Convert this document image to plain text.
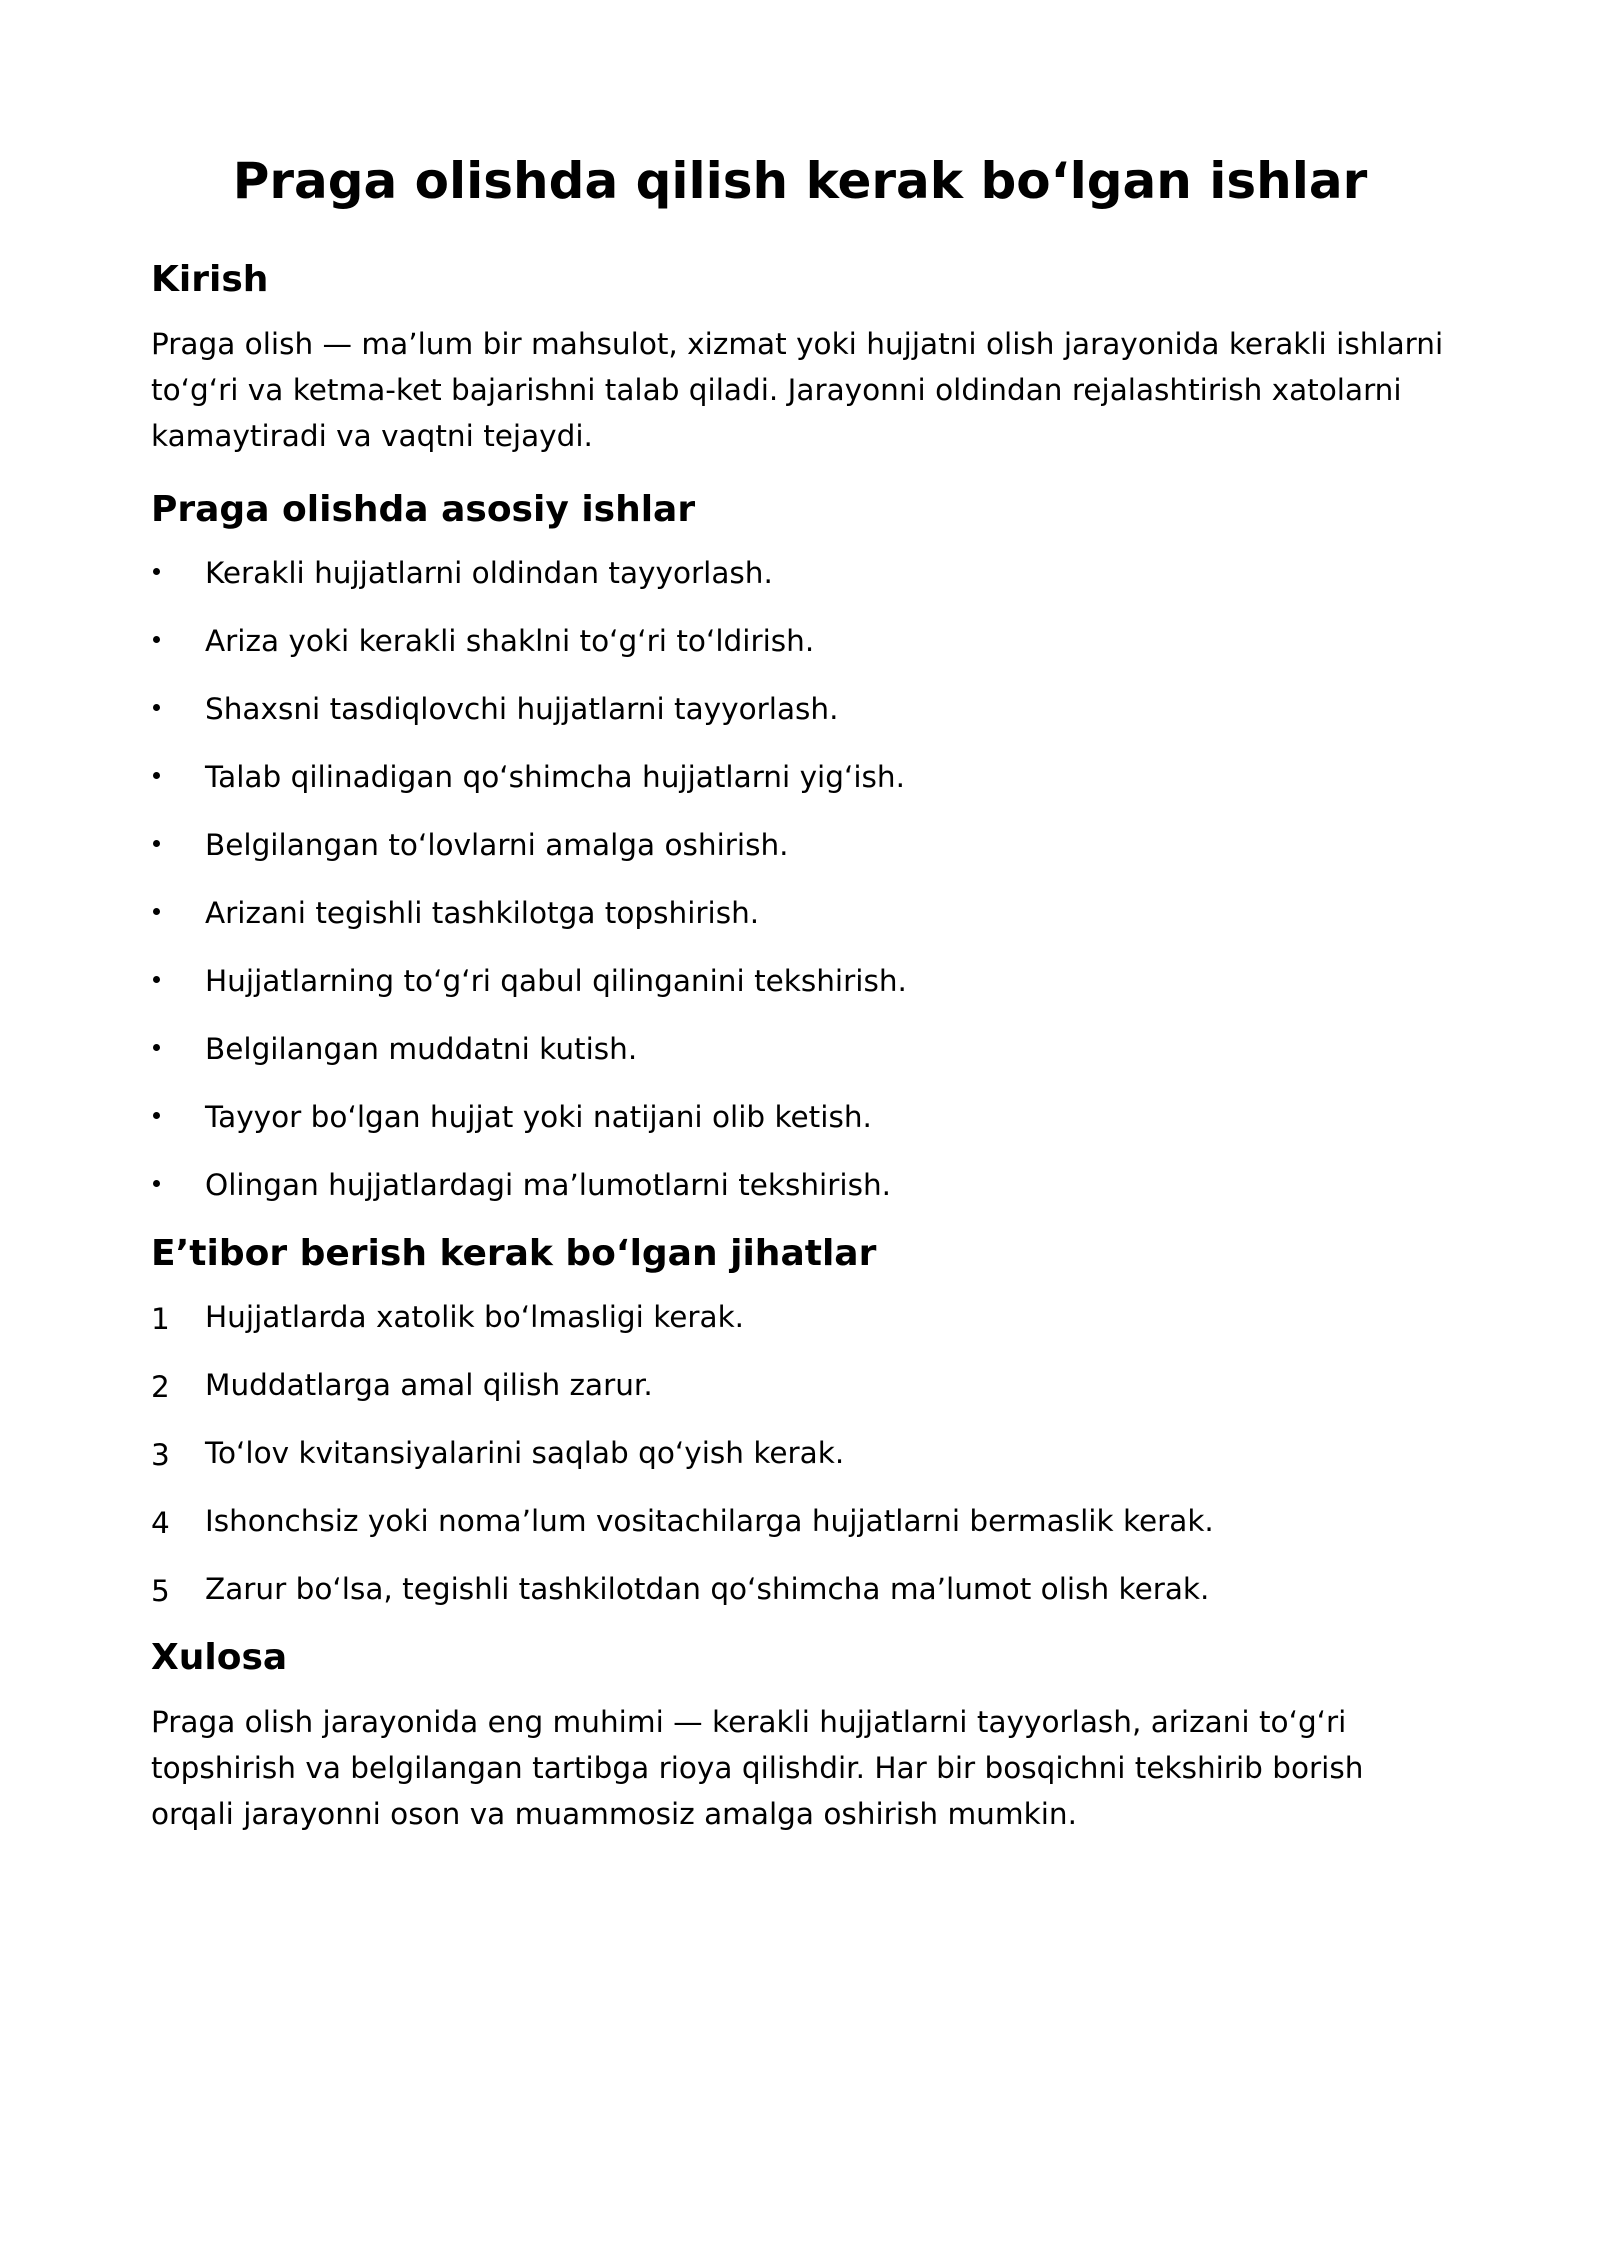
Praga olishda qilish kerak bo‘lgan ishlar
Kirish

Praga olish — ma’lum bir mahsulot, xizmat yoki hujjatni olish jarayonida kerakli ishlarni to‘g‘ri va ketma-ket bajarishni talab qiladi. Jarayonni oldindan rejalashtirish xatolarni kamaytiradi va vaqtni tejaydi.

Praga olishda asosiy ishlar
Kerakli hujjatlarni oldindan tayyorlash.
Ariza yoki kerakli shaklni to‘g‘ri to‘ldirish.
Shaxsni tasdiqlovchi hujjatlarni tayyorlash.
Talab qilinadigan qo‘shimcha hujjatlarni yig‘ish.
Belgilangan to‘lovlarni amalga oshirish.
Arizani tegishli tashkilotga topshirish.
Hujjatlarning to‘g‘ri qabul qilinganini tekshirish.
Belgilangan muddatni kutish.
Tayyor bo‘lgan hujjat yoki natijani olib ketish.
Olingan hujjatlardagi ma’lumotlarni tekshirish.
E’tibor berish kerak bo‘lgan jihatlar
1	Hujjatlarda xatolik bo‘lmasligi kerak.
2	Muddatlarga amal qilish zarur.
3	To‘lov kvitansiyalarini saqlab qo‘yish kerak.
4	Ishonchsiz yoki noma’lum vositachilarga hujjatlarni bermaslik kerak.
5	Zarur bo‘lsa, tegishli tashkilotdan qo‘shimcha ma’lumot olish kerak.
Xulosa

Praga olish jarayonida eng muhimi — kerakli hujjatlarni tayyorlash, arizani to‘g‘ri topshirish va belgilangan tartibga rioya qilishdir. Har bir bosqichni tekshirib borish orqali jarayonni oson va muammosiz amalga oshirish mumkin.
